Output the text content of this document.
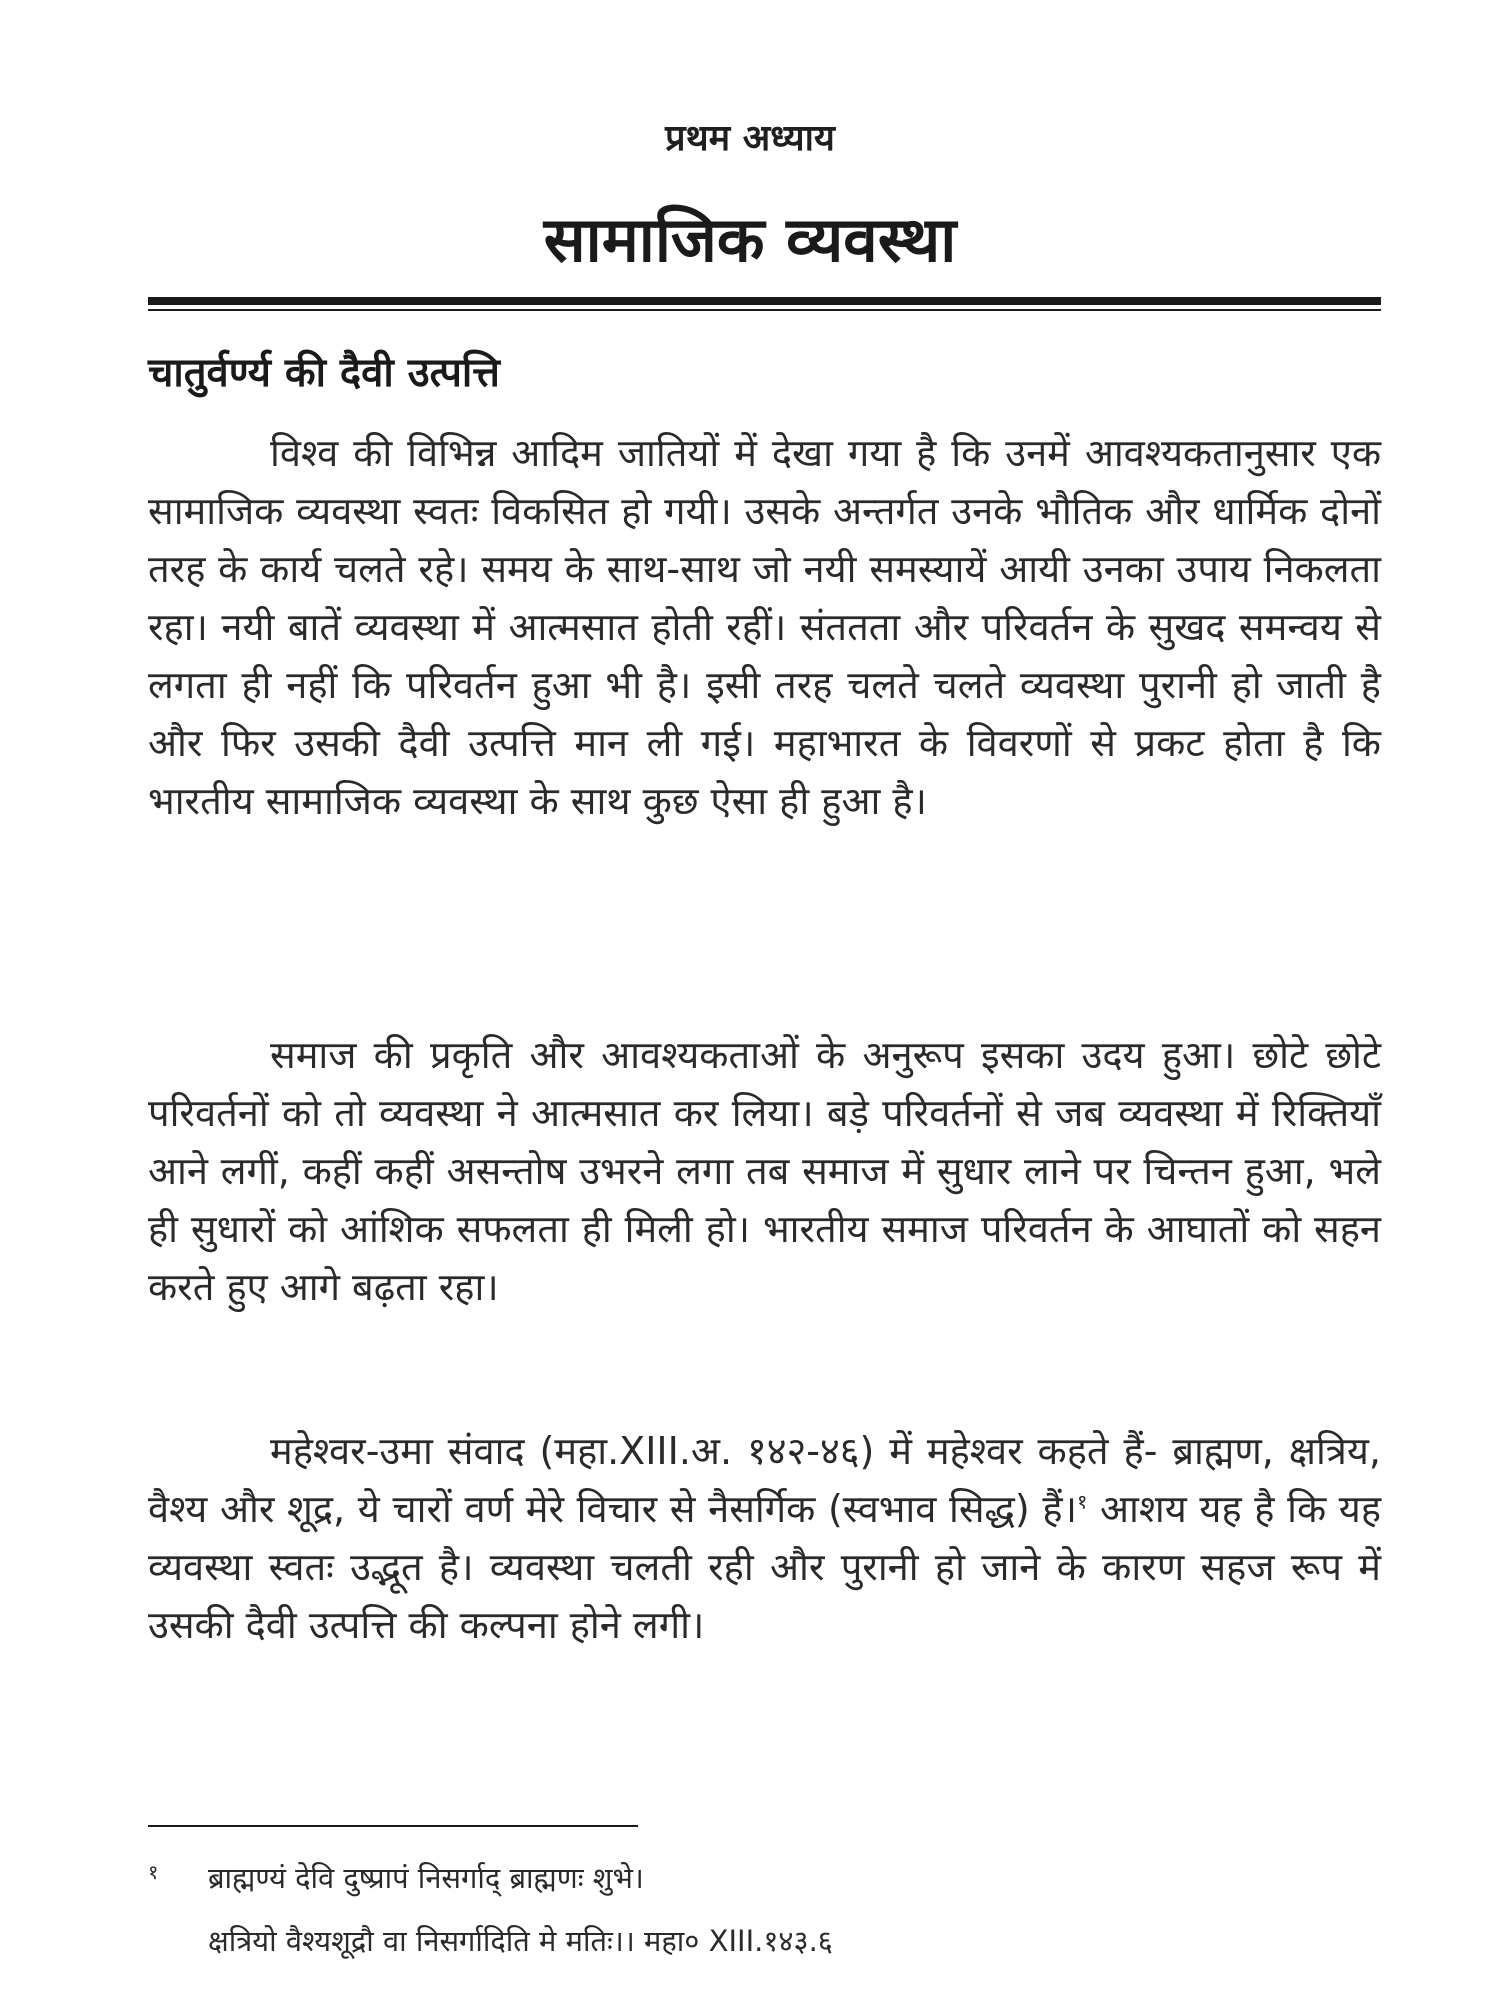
प्रथम अध्याय
सामाजिक व्यवस्था
चातुर्वर्ण्य की दैवी उत्पत्ति

विश्व की विभिन्न आदिम जातियों में देखा गया है कि उनमें आवश्यकतानुसार एक सामाजिक व्यवस्था स्वतः विकसित हो गयी। उसके अन्तर्गत उनके भौतिक और धार्मिक दोनों तरह के कार्य चलते रहे। समय के साथ-साथ जो नयी समस्यायें आयी उनका उपाय निकलता रहा। नयी बातें व्यवस्था में आत्मसात होती रहीं। संततता और परिवर्तन के सुखद समन्वय से लगता ही नहीं कि परिवर्तन हुआ भी है। इसी तरह चलते चलते व्यवस्था पुरानी हो जाती है और फिर उसकी दैवी उत्पत्ति मान ली गई। महाभारत के विवरणों से प्रकट होता है कि भारतीय सामाजिक व्यवस्था के साथ कुछ ऐसा ही हुआ है।

समाज की प्रकृति और आवश्यकताओं के अनुरूप इसका उदय हुआ। छोटे छोटे परिवर्तनों को तो व्यवस्था ने आत्मसात कर लिया। बड़े परिवर्तनों से जब व्यवस्था में रिक्तियाँ आने लगीं, कहीं कहीं असन्तोष उभरने लगा तब समाज में सुधार लाने पर चिन्तन हुआ, भले ही सुधारों को आंशिक सफलता ही मिली हो। भारतीय समाज परिवर्तन के आघातों को सहन करते हुए आगे बढ़ता रहा।

महेश्वर-उमा संवाद (महा.XIII.अ. १४२-४६) में महेश्वर कहते हैं- ब्राह्मण, क्षत्रिय, वैश्य और शूद्र, ये चारों वर्ण मेरे विचार से नैसर्गिक (स्वभाव सिद्ध) हैं।$^१$ आशय यह है कि यह व्यवस्था स्वतः उद्भूत है। व्यवस्था चलती रही और पुरानी हो जाने के कारण सहज रूप में उसकी दैवी उत्पत्ति की कल्पना होने लगी।

१ ब्राह्मण्यं देवि दुष्प्रापं निसर्गाद् ब्राह्मणः शुभे।
क्षत्रियो वैश्यशूद्रौ वा निसर्गादिति मे मतिः।। महा० XIII.१४३.६
